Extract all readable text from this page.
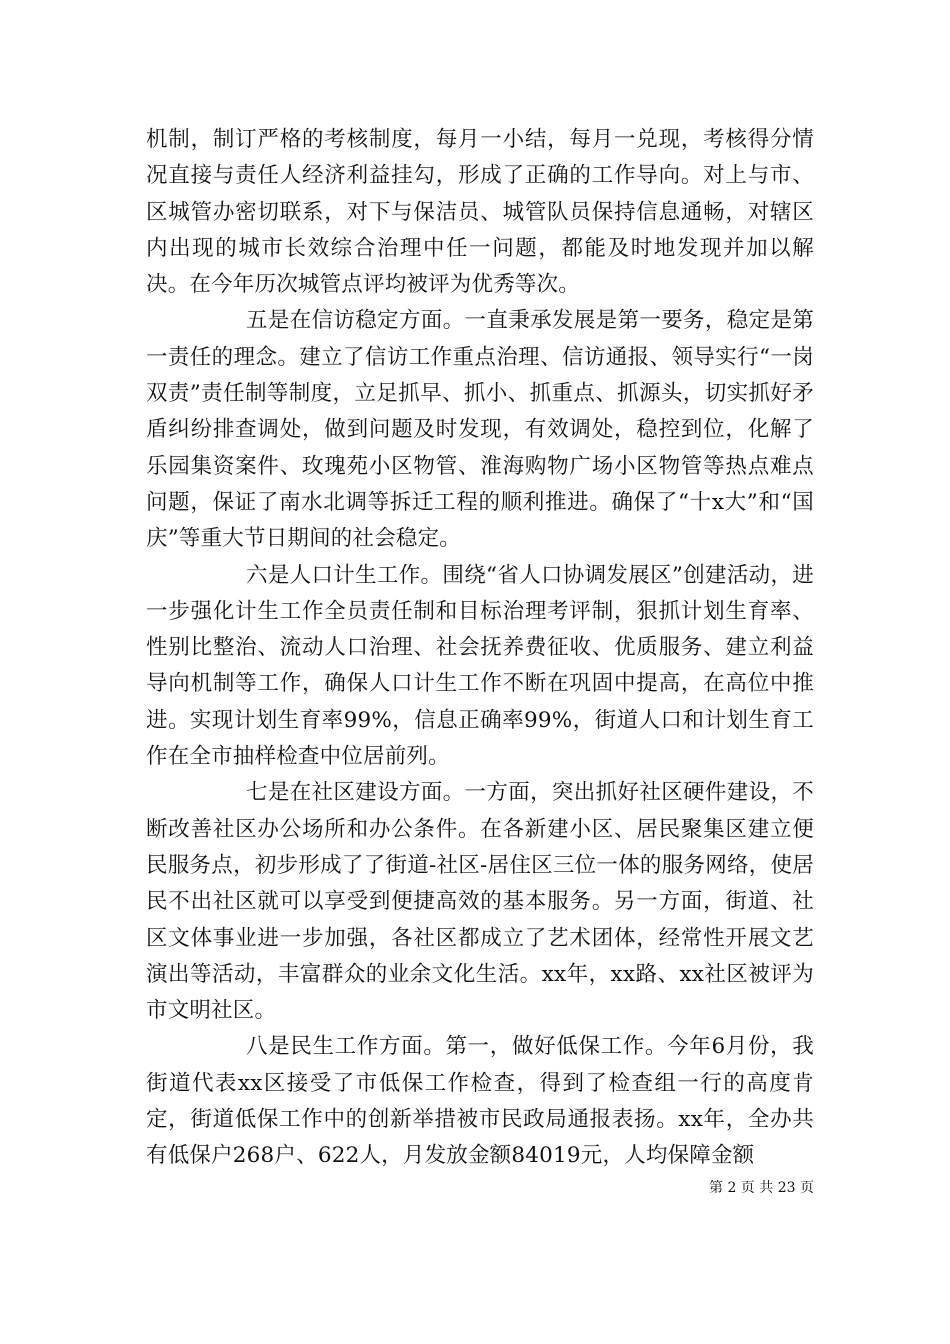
机制，制订严格的考核制度，每月一小结，每月一兑现，考核得分情况直接与责任人经济利益挂勾，形成了正确的工作导向。对上与市、区城管办密切联系，对下与保洁员、城管队员保持信息通畅，对辖区内出现的城市长效综合治理中任一问题，都能及时地发现并加以解决。在今年历次城管点评均被评为优秀等次。

五是在信访稳定方面。一直秉承发展是第一要务，稳定是第一责任的理念。建立了信访工作重点治理、信访通报、领导实行“一岗双责”责任制等制度，立足抓早、抓小、抓重点、抓源头，切实抓好矛盾纠纷排查调处，做到问题及时发现，有效调处，稳控到位，化解了乐园集资案件、玫瑰苑小区物管、淮海购物广场小区物管等热点难点问题，保证了南水北调等拆迁工程的顺利推进。确保了“十x大”和“国庆”等重大节日期间的社会稳定。

六是人口计生工作。围绕“省人口协调发展区”创建活动，进一步强化计生工作全员责任制和目标治理考评制，狠抓计划生育率、性别比整治、流动人口治理、社会抚养费征收、优质服务、建立利益导向机制等工作，确保人口计生工作不断在巩固中提高，在高位中推进。实现计划生育率99%，信息正确率99%，街道人口和计划生育工作在全市抽样检查中位居前列。

七是在社区建设方面。一方面，突出抓好社区硬件建设，不断改善社区办公场所和办公条件。在各新建小区、居民聚集区建立便民服务点，初步形成了了街道-社区-居住区三位一体的服务网络，使居民不出社区就可以享受到便捷高效的基本服务。另一方面，街道、社区文体事业进一步加强，各社区都成立了艺术团体，经常性开展文艺演出等活动，丰富群众的业余文化生活。xx年，xx路、xx社区被评为市文明社区。

八是民生工作方面。第一，做好低保工作。今年6月份，我街道代表xx区接受了市低保工作检查，得到了检查组一行的高度肯定，街道低保工作中的创新举措被市民政局通报表扬。xx年，全办共有低保户268户、622人，月发放金额84019元，人均保障金额

第 2 页 共 23 页
